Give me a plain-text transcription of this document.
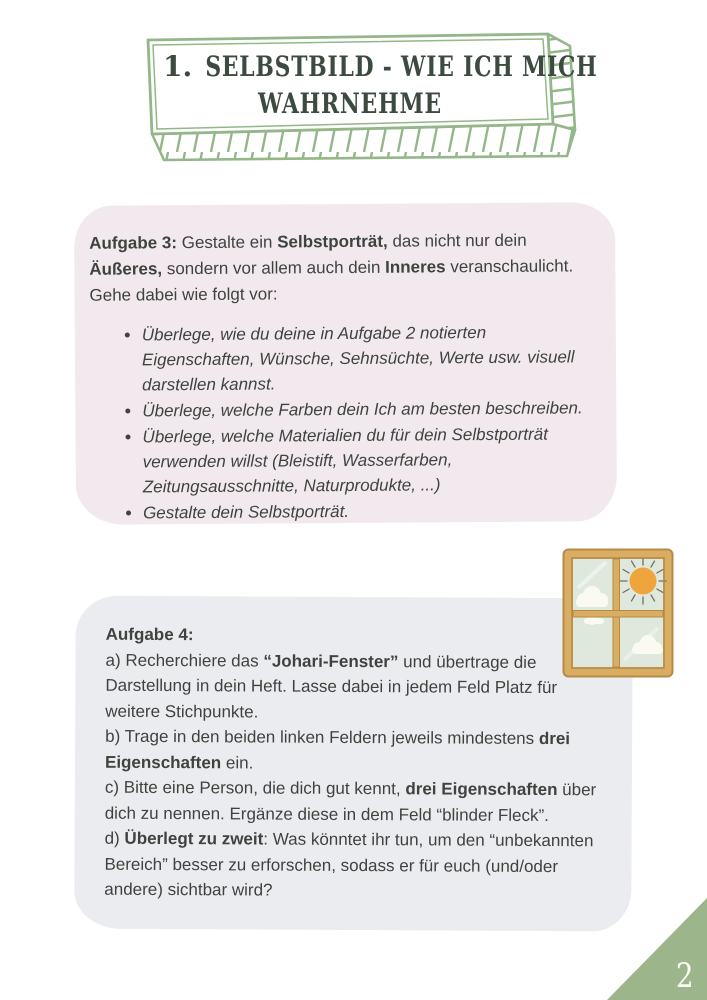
1. SELBSTBILD - WIE ICH MICH
WAHRNEHME

Aufgabe 3: Gestalte ein Selbstporträt, das nicht nur dein Äußeres, sondern vor allem auch dein Inneres veranschaulicht. Gehe dabei wie folgt vor:

• Überlege, wie du deine in Aufgabe 2 notierten Eigenschaften, Wünsche, Sehnsüchte, Werte usw. visuell darstellen kannst.
• Überlege, welche Farben dein Ich am besten beschreiben.
• Überlege, welche Materialien du für dein Selbstporträt verwenden willst (Bleistift, Wasserfarben, Zeitungsausschnitte, Naturprodukte, ...)
• Gestalte dein Selbstporträt.
Aufgabe 4:
a) Recherchiere das “Johari-Fenster” und übertrage die Darstellung in dein Heft. Lasse dabei in jedem Feld Platz für weitere Stichpunkte.
b) Trage in den beiden linken Feldern jeweils mindestens drei Eigenschaften ein.
c) Bitte eine Person, die dich gut kennt, drei Eigenschaften über dich zu nennen. Ergänze diese in dem Feld “blinder Fleck”.
d) Überlegt zu zweit: Was könntet ihr tun, um den “unbekannten Bereich” besser zu erforschen, sodass er für euch (und/oder andere) sichtbar wird?
2
